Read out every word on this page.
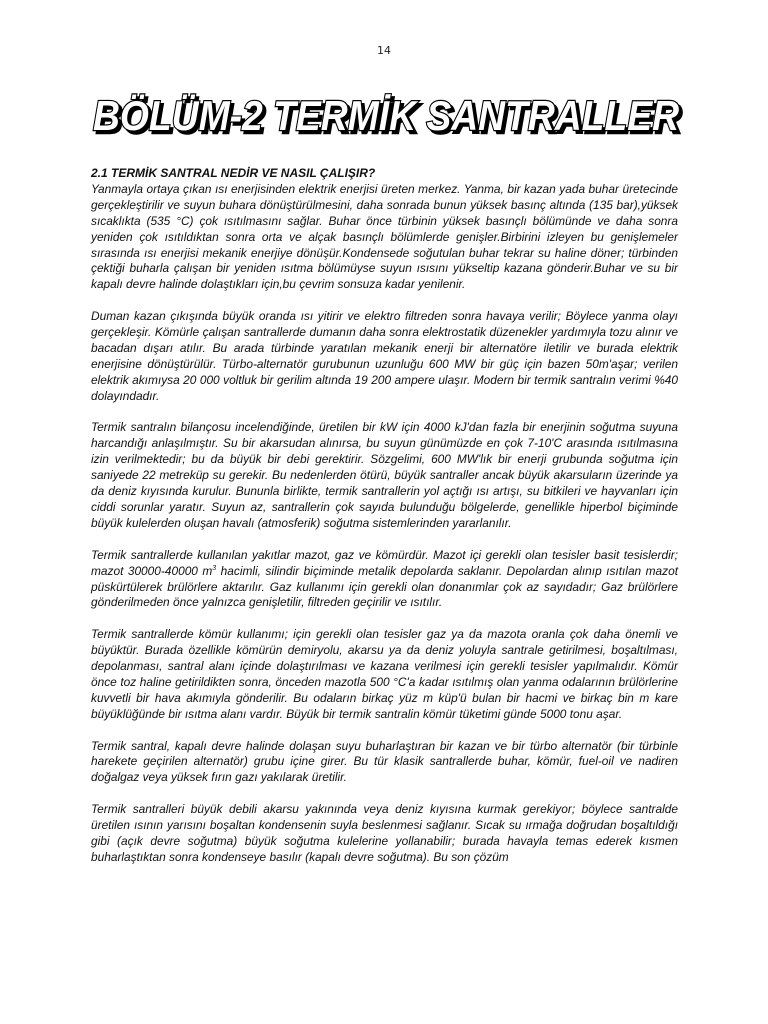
14
BÖLÜM-2 TERMİK SANTRALLER

2.1 TERMİK SANTRAL NEDİR VE NASIL ÇALIŞIR?

Yanmayla ortaya çıkan ısı enerjisinden elektrik enerjisi üreten merkez. Yanma, bir kazan yada buhar üretecinde gerçekleştirilir ve suyun buhara dönüştürülmesini, daha sonrada bunun yüksek basınç altında (135 bar),yüksek sıcaklıkta (535 °C) çok ısıtılmasını sağlar. Buhar önce türbinin yüksek basınçlı bölümünde ve daha sonra yeniden çok ısıtıldıktan sonra orta ve alçak basınçlı bölümlerde genişler.Birbirini izleyen bu genişlemeler sırasında ısı enerjisi mekanik enerjiye dönüşür.Kondensede soğutulan buhar tekrar su haline döner; türbinden çektiği buharla çalışan bir yeniden ısıtma bölümüyse suyun ısısını yükseltip kazana gönderir.Buhar ve su bir kapalı devre halinde dolaştıkları için,bu çevrim sonsuza kadar yenilenir.

Duman kazan çıkışında büyük oranda ısı yitirir ve elektro filtreden sonra havaya verilir; Böylece yanma olayı gerçekleşir. Kömürle çalışan santrallerde dumanın daha sonra elektrostatik düzenekler yardımıyla tozu alınır ve bacadan dışarı atılır. Bu arada türbinde yaratılan mekanik enerji bir alternatöre iletilir ve burada elektrik enerjisine dönüştürülür. Türbo-alternatör gurubunun uzunluğu 600 MW bir güç için bazen 50m'aşar; verilen elektrik akımıysa 20 000 voltluk bir gerilim altında 19 200 ampere ulaşır. Modern bir termik santralın verimi %40 dolayındadır.

Termik santralın bilançosu incelendiğinde, üretilen bir kW için 4000 kJ'dan fazla bir enerjinin soğutma suyuna harcandığı anlaşılmıştır. Su bir akarsudan alınırsa, bu suyun günümüzde en çok 7-10'C arasında ısıtılmasına izin verilmektedir; bu da büyük bir debi gerektirir. Sözgelimi, 600 MW'lık bir enerji grubunda soğutma için saniyede 22 metreküp su gerekir. Bu nedenlerden ötürü, büyük santraller ancak büyük akarsuların üzerinde ya da deniz kıyısında kurulur. Bununla birlikte, termik santrallerin yol açtığı ısı artışı, su bitkileri ve hayvanları için ciddi sorunlar yaratır. Suyun az, santrallerin çok sayıda bulunduğu bölgelerde, genellikle hiperbol biçiminde büyük kulelerden oluşan havalı (atmosferik) soğutma sistemlerinden yararlanılır.

Termik santrallerde kullanılan yakıtlar mazot, gaz ve kömürdür. Mazot içi gerekli olan tesisler basit tesislerdir; mazot 30000-40000 $m^3$ hacimli, silindir biçiminde metalik depolarda saklanır. Depolardan alınıp ısıtılan mazot püskürtülerek brülörlere aktarılır. Gaz kullanımı için gerekli olan donanımlar çok az sayıdadır; Gaz brülörlere gönderilmeden önce yalnızca genişletilir, filtreden geçirilir ve ısıtılır.

Termik santrallerde kömür kullanımı; için gerekli olan tesisler gaz ya da mazota oranla çok daha önemli ve büyüktür. Burada özellikle kömürün demiryolu, akarsu ya da deniz yoluyla santrale getirilmesi, boşaltılması, depolanması, santral alanı içinde dolaştırılması ve kazana verilmesi için gerekli tesisler yapılmalıdır. Kömür önce toz haline getirildikten sonra, önceden mazotla 500 °C'a kadar ısıtılmış olan yanma odalarının brülörlerine kuvvetli bir hava akımıyla gönderilir. Bu odaların birkaç yüz m küp'ü bulan bir hacmi ve birkaç bin m kare büyüklüğünde bir ısıtma alanı vardır. Büyük bir termik santralin kömür tüketimi günde 5000 tonu aşar.

Termik santral, kapalı devre halinde dolaşan suyu buharlaştıran bir kazan ve bir türbo alternatör (bir türbinle harekete geçirilen alternatör) grubu içine girer. Bu tür klasik santrallerde buhar, kömür, fuel-oil ve nadiren doğalgaz veya yüksek fırın gazı yakılarak üretilir.

Termik santralleri büyük debili akarsu yakınında veya deniz kıyısına kurmak gerekiyor; böylece santralde üretilen ısının yarısını boşaltan kondensenin suyla beslenmesi sağlanır. Sıcak su ırmağa doğrudan boşaltıldığı gibi (açık devre soğutma) büyük soğutma kulelerine yollanabilir; burada havayla temas ederek kısmen buharlaştıktan sonra kondenseye basılır (kapalı devre soğutma). Bu son çözüm
